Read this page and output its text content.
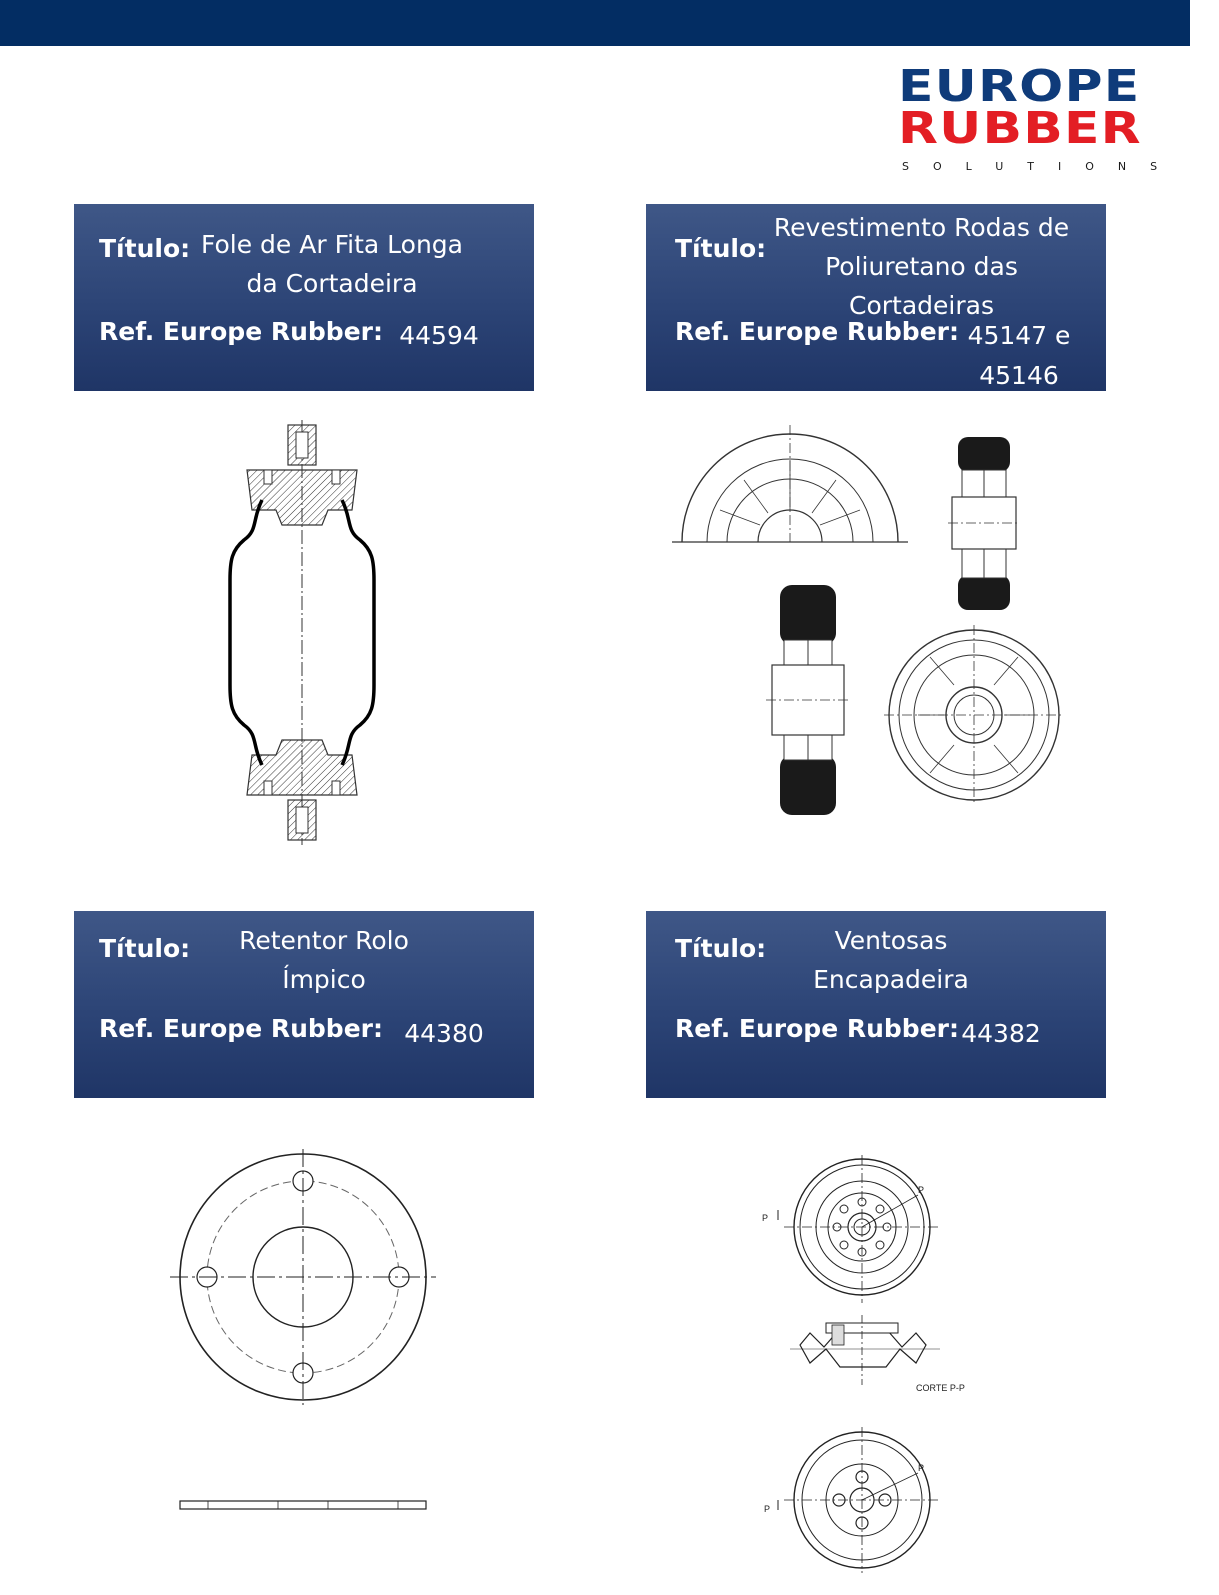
EUROPE
RUBBER
SOLUTIONS
Título: Fole de Ar Fita Longa da Cortadeira
Ref. Europe Rubber: 44594
Título:
Revestimento Rodas de Poliuretano das Cortadeiras
Ref. Europe Rubber: 45147 e 45146
Título: Retentor Rolo Ímpico
Ref. Europe Rubber: 44380
Título:	Ventosas Encapadeira
Ref. Europe Rubber: 44382
P
P
CORTE P-P
P
P
